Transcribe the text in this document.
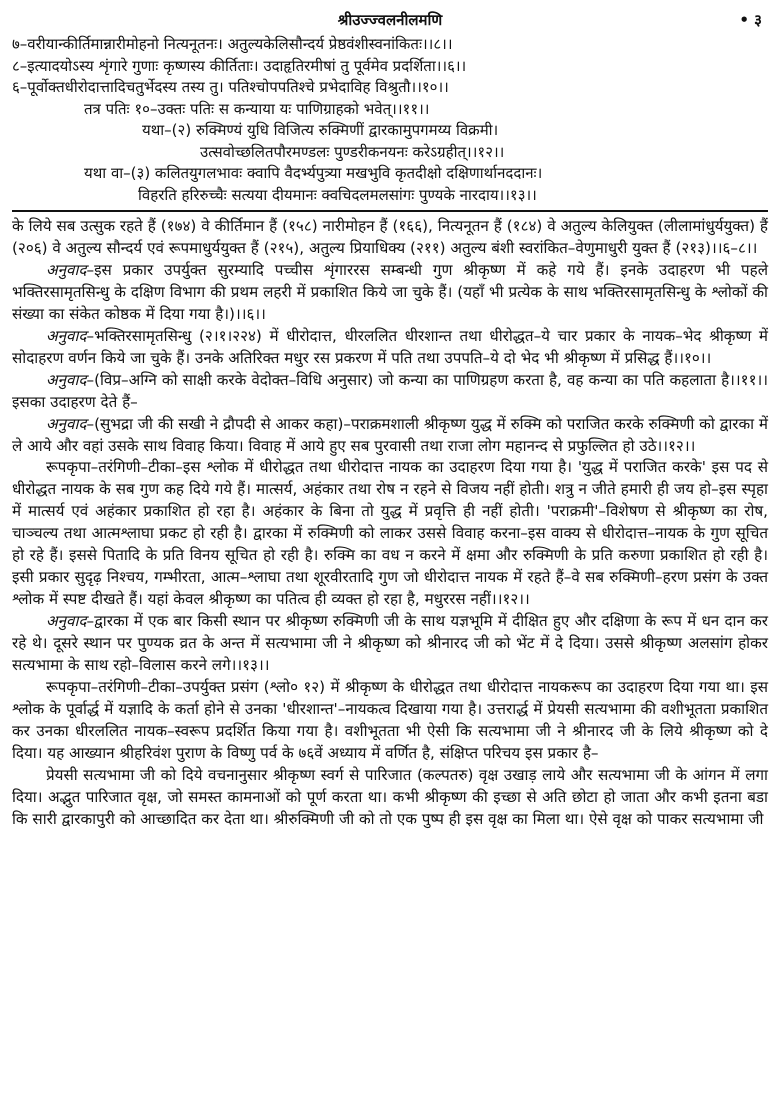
श्रीउज्ज्वलनीलमणि	• ३
७–वरीयान्कीर्तिमान्नारीमोहनो नित्यनूतनः। अतुल्यकेलिसौन्दर्य प्रेष्ठवंशीस्वनांकितः।।८।।
८–इत्यादयोऽस्य शृंगारे गुणाः कृष्णस्य कीर्तिताः। उदाहृतिरमीषां तु पूर्वमेव प्रदर्शिता।।६।।
६–पूर्वोक्तधीरोदात्तादिचतुर्भेदस्य तस्य तु। पतिश्चोपपतिश्चे प्रभेदाविह विश्रुतौ।।१०।।
तत्र पतिः १०–उक्तः पतिः स कन्याया यः पाणिग्राहको भवेत्।।११।।
यथा–(२) रुक्मिण्यं युधि विजित्य रुक्मिणीं द्वारकामुपगमय्य विक्रमी।
उत्सवोच्छलितपौरमण्डलः पुण्डरीकनयनः करेऽग्रहीत्।।१२।।
यथा वा–(३) कलितयुगलभावः क्वापि वैदर्भ्यपुत्र्या मखभुवि कृतदीक्षो दक्षिणार्थानददानः।
विहरति हरिरुच्चैः सत्यया दीयमानः क्वचिदलमलसांगः पुण्यके नारदाय।।१३।।

के लिये सब उत्सुक रहते हैं (१७४) वे कीर्तिमान हैं (१५८) नारीमोहन हैं (१६६), नित्यनूतन हैं (१८४) वे अतुल्य केलियुक्त (लीलामांधुर्ययुक्त) हैं (२०६) वे अतुल्य सौन्दर्य एवं रूपमाधुर्ययुक्त हैं (२१५), अतुल्य प्रियाधिक्य (२११) अतुल्य बंशी स्वरांकित–वेणुमाधुरी युक्त हैं (२१३)।।६–८।।

अनुवाद–इस प्रकार उपर्युक्त सुरम्यादि पच्चीस शृंगाररस सम्बन्धी गुण श्रीकृष्ण में कहे गये हैं। इनके उदाहरण भी पहले भक्तिरसामृतसिन्धु के दक्षिण विभाग की प्रथम लहरी में प्रकाशित किये जा चुके हैं। (यहाँ भी प्रत्येक के साथ भक्तिरसामृतसिन्धु के श्लोकों की संख्या का संकेत कोष्ठक में दिया गया है।)।।६।।

अनुवाद–भक्तिरसामृतसिन्धु (२।१।२२४) में धीरोदात्त, धीरललित धीरशान्त तथा धीरोद्धत–ये चार प्रकार के नायक–भेद श्रीकृष्ण में सोदाहरण वर्णन किये जा चुके हैं। उनके अतिरिक्त मधुर रस प्रकरण में पति तथा उपपति–ये दो भेद भी श्रीकृष्ण में प्रसिद्ध हैं।।१०।।

अनुवाद–(विप्र–अग्नि को साक्षी करके वेदोक्त–विधि अनुसार) जो कन्या का पाणिग्रहण करता है, वह कन्या का पति कहलाता है।।११।। इसका उदाहरण देते हैं–

अनुवाद–(सुभद्रा जी की सखी ने द्रौपदी से आकर कहा)–पराक्रमशाली श्रीकृष्ण युद्ध में रुक्मि को पराजित करके रुक्मिणी को द्वारका में ले आये और वहां उसके साथ विवाह किया। विवाह में आये हुए सब पुरवासी तथा राजा लोग महानन्द से प्रफुल्लित हो उठे।।१२।।

रूपकृपा–तरंगिणी–टीका–इस श्लोक में धीरोद्धत तथा धीरोदात्त नायक का उदाहरण दिया गया है। 'युद्ध में पराजित करके' इस पद से धीरोद्धत नायक के सब गुण कह दिये गये हैं। मात्सर्य, अहंकार तथा रोष न रहने से विजय नहीं होती। शत्रु न जीते हमारी ही जय हो–इस स्पृहा में मात्सर्य एवं अहंकार प्रकाशित हो रहा है। अहंकार के बिना तो युद्ध में प्रवृत्ति ही नहीं होती। 'पराक्रमी'–विशेषण से श्रीकृष्ण का रोष, चाञ्चल्य तथा आत्मश्लाघा प्रकट हो रही है। द्वारका में रुक्मिणी को लाकर उससे विवाह करना–इस वाक्य से धीरोदात्त–नायक के गुण सूचित हो रहे हैं। इससे पितादि के प्रति विनय सूचित हो रही है। रुक्मि का वध न करने में क्षमा और रुक्मिणी के प्रति करुणा प्रकाशित हो रही है। इसी प्रकार सुदृढ़ निश्चय, गम्भीरता, आत्म–श्लाघा तथा शूरवीरतादि गुण जो धीरोदात्त नायक में रहते हैं–वे सब रुक्मिणी–हरण प्रसंग के उक्त श्लोक में स्पष्ट दीखते हैं। यहां केवल श्रीकृष्ण का पतित्व ही व्यक्त हो रहा है, मधुररस नहीं।।१२।।

अनुवाद–द्वारका में एक बार किसी स्थान पर श्रीकृष्ण रुक्मिणी जी के साथ यज्ञभूमि में दीक्षित हुए और दक्षिणा के रूप में धन दान कर रहे थे। दूसरे स्थान पर पुण्यक व्रत के अन्त में सत्यभामा जी ने श्रीकृष्ण को श्रीनारद जी को भेंट में दे दिया। उससे श्रीकृष्ण अलसांग होकर सत्यभामा के साथ रहो–विलास करने लगे।।१३।।

रूपकृपा–तरंगिणी–टीका–उपर्युक्त प्रसंग (श्लो० १२) में श्रीकृष्ण के धीरोद्धत तथा धीरोदात्त नायकरूप का उदाहरण दिया गया था। इस श्लोक के पूर्वार्द्ध में यज्ञादि के कर्ता होने से उनका 'धीरशान्त'–नायकत्व दिखाया गया है। उत्तरार्द्ध में प्रेयसी सत्यभामा की वशीभूतता प्रकाशित कर उनका धीरललित नायक–स्वरूप प्रदर्शित किया गया है। वशीभूतता भी ऐसी कि सत्यभामा जी ने श्रीनारद जी के लिये श्रीकृष्ण को दे दिया। यह आख्यान श्रीहरिवंश पुराण के विष्णु पर्व के ७६वें अध्याय में वर्णित है, संक्षिप्त परिचय इस प्रकार है–

प्रेयसी सत्यभामा जी को दिये वचनानुसार श्रीकृष्ण स्वर्ग से पारिजात (कल्पतरु) वृक्ष उखाड़ लाये और सत्यभामा जी के आंगन में लगा दिया। अद्भुत पारिजात वृक्ष, जो समस्त कामनाओं को पूर्ण करता था। कभी श्रीकृष्ण की इच्छा से अति छोटा हो जाता और कभी इतना बडा कि सारी द्वारकापुरी को आच्छादित कर देता था। श्रीरुक्मिणी जी को तो एक पुष्प ही इस वृक्ष का मिला था। ऐसे वृक्ष को पाकर सत्यभामा जी
